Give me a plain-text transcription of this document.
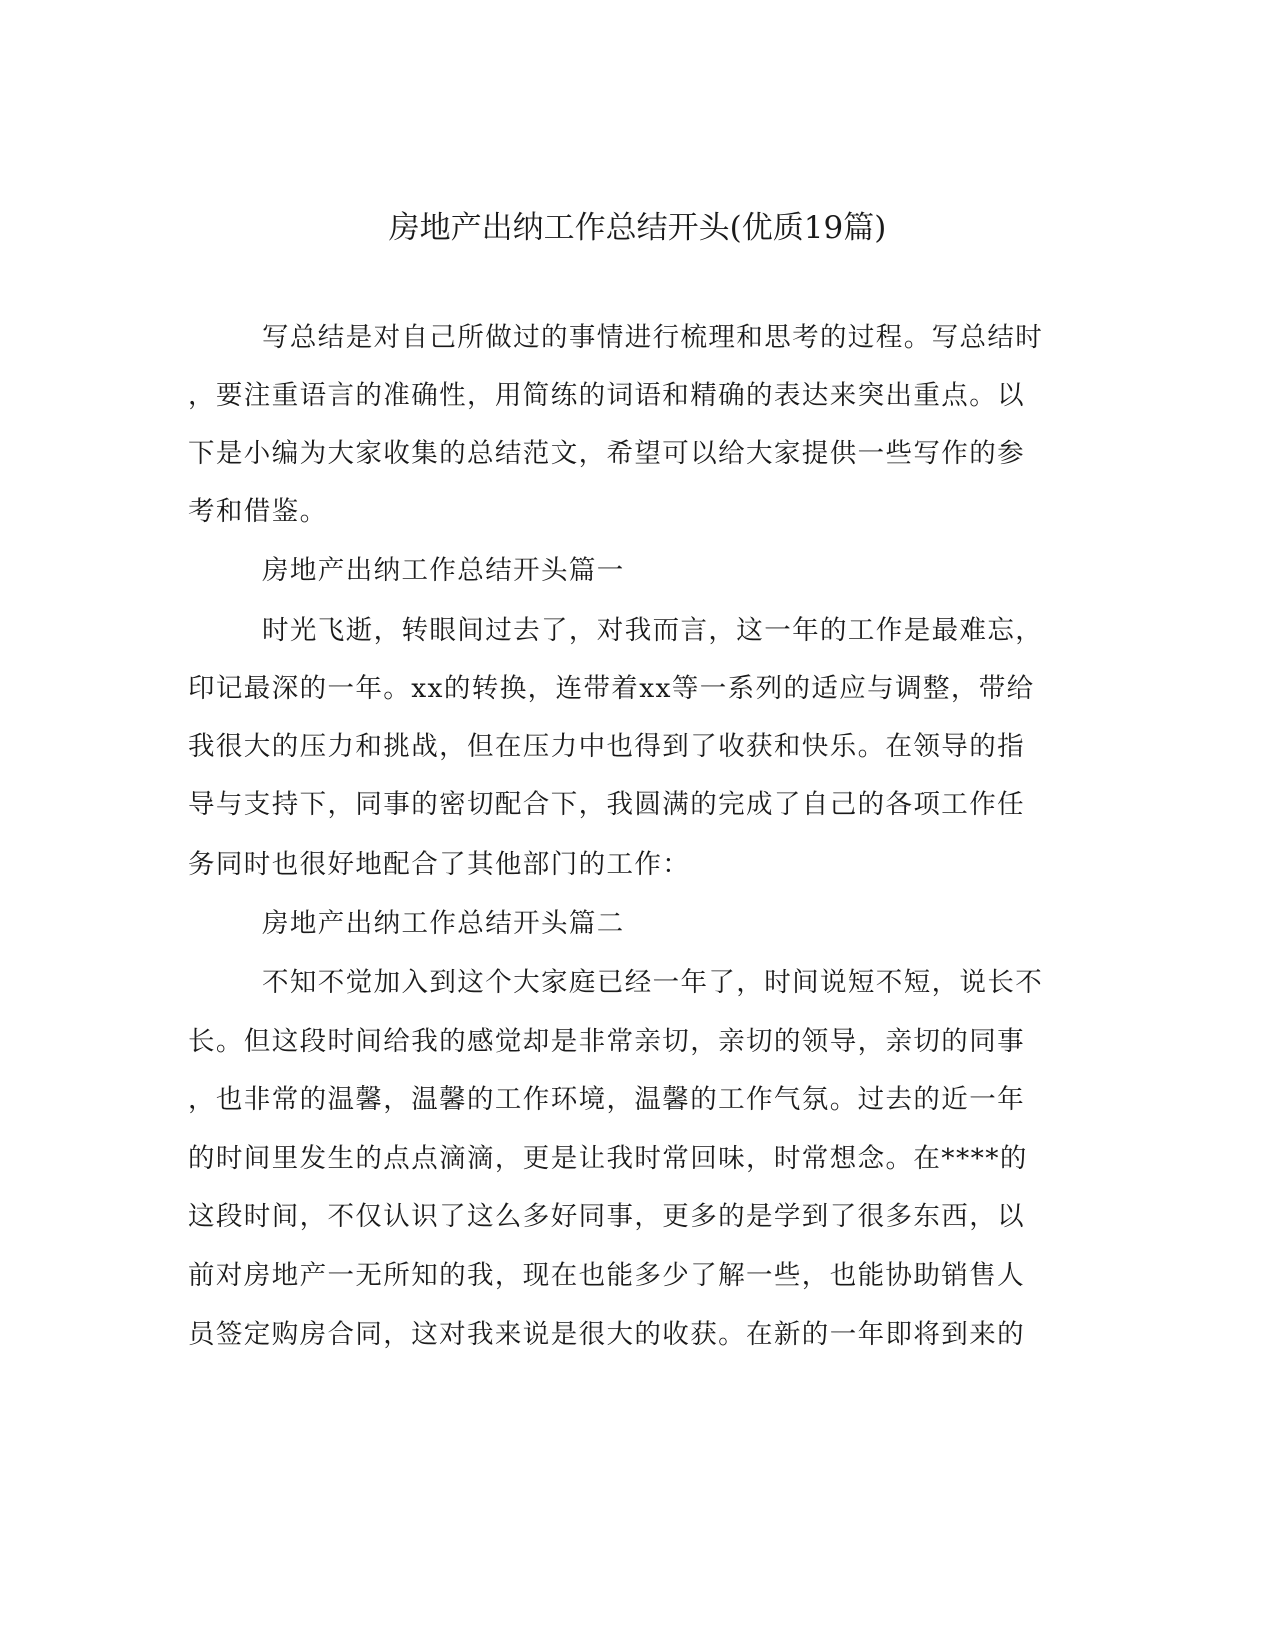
房地产出纳工作总结开头(优质19篇)

写总结是对自己所做过的事情进行梳理和思考的过程。写总结时

，要注重语言的准确性，用简练的词语和精确的表达来突出重点。以

下是小编为大家收集的总结范文，希望可以给大家提供一些写作的参

考和借鉴。

房地产出纳工作总结开头篇一

时光飞逝，转眼间过去了，对我而言，这一年的工作是最难忘，

印记最深的一年。xx的转换，连带着xx等一系列的适应与调整，带给

我很大的压力和挑战，但在压力中也得到了收获和快乐。在领导的指

导与支持下，同事的密切配合下，我圆满的完成了自己的各项工作任

务同时也很好地配合了其他部门的工作：

房地产出纳工作总结开头篇二

不知不觉加入到这个大家庭已经一年了，时间说短不短，说长不

长。但这段时间给我的感觉却是非常亲切，亲切的领导，亲切的同事

，也非常的温馨，温馨的工作环境，温馨的工作气氛。过去的近一年

的时间里发生的点点滴滴，更是让我时常回味，时常想念。在****的

这段时间，不仅认识了这么多好同事，更多的是学到了很多东西，以

前对房地产一无所知的我，现在也能多少了解一些，也能协助销售人

员签定购房合同，这对我来说是很大的收获。在新的一年即将到来的
